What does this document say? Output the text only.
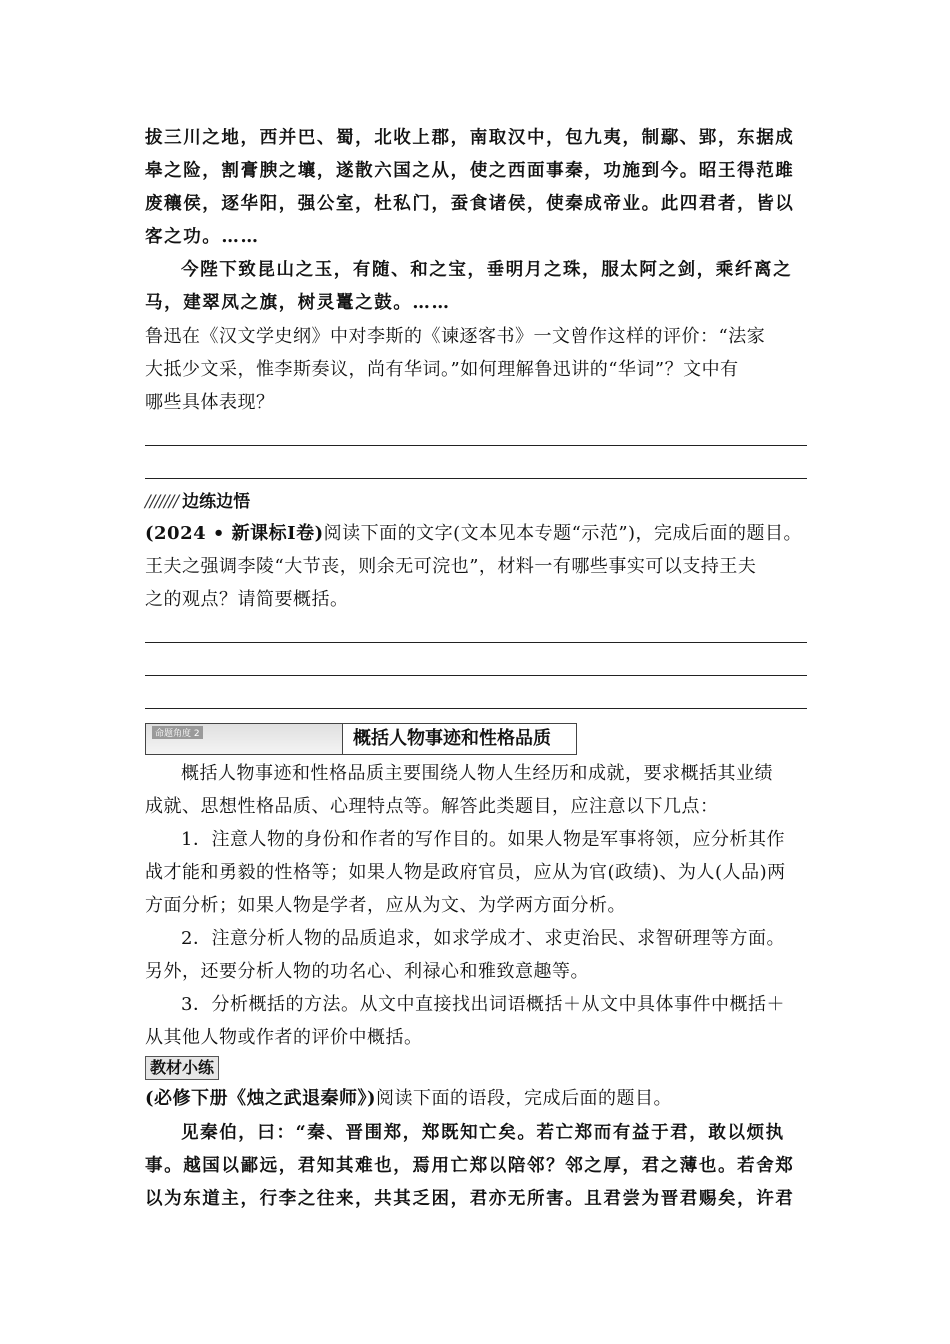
拔三川之地，西并巴、蜀，北收上郡，南取汉中，包九夷，制鄢、郢，东据成
皋之险，割膏腴之壤，遂散六国之从，使之西面事秦，功施到今。昭王得范雎
废穰侯，逐华阳，强公室，杜私门，蚕食诸侯，使秦成帝业。此四君者，皆以
客之功。……
今陛下致昆山之玉，有随、和之宝，垂明月之珠，服太阿之剑，乘纤离之
马，建翠凤之旗，树灵鼍之鼓。……
鲁迅在《汉文学史纲》中对李斯的《谏逐客书》一文曾作这样的评价：“法家
大抵少文采，惟李斯奏议，尚有华词。”如何理解鲁迅讲的“华词”？文中有
哪些具体表现？
/////// 边练边悟
(2024 • 新课标Ⅰ卷)阅读下面的文字(文本见本专题“示范”)，完成后面的题目。
王夫之强调李陵“大节丧，则余无可浣也”，材料一有哪些事实可以支持王夫
之的观点？请简要概括。
命题角度 2	概括人物事迹和性格品质
概括人物事迹和性格品质主要围绕人物人生经历和成就，要求概括其业绩
成就、思想性格品质、心理特点等。解答此类题目，应注意以下几点：
1．注意人物的身份和作者的写作目的。如果人物是军事将领，应分析其作
战才能和勇毅的性格等；如果人物是政府官员，应从为官(政绩)、为人(人品)两
方面分析；如果人物是学者，应从为文、为学两方面分析。
2．注意分析人物的品质追求，如求学成才、求吏治民、求智研理等方面。
另外，还要分析人物的功名心、利禄心和雅致意趣等。
3．分析概括的方法。从文中直接找出词语概括＋从文中具体事件中概括＋
从其他人物或作者的评价中概括。
教材小练
(必修下册《烛之武退秦师》)阅读下面的语段，完成后面的题目。
见秦伯，曰：“秦、晋围郑，郑既知亡矣。若亡郑而有益于君，敢以烦执
事。越国以鄙远，君知其难也，焉用亡郑以陪邻？邻之厚，君之薄也。若舍郑
以为东道主，行李之往来，共其乏困，君亦无所害。且君尝为晋君赐矣，许君
